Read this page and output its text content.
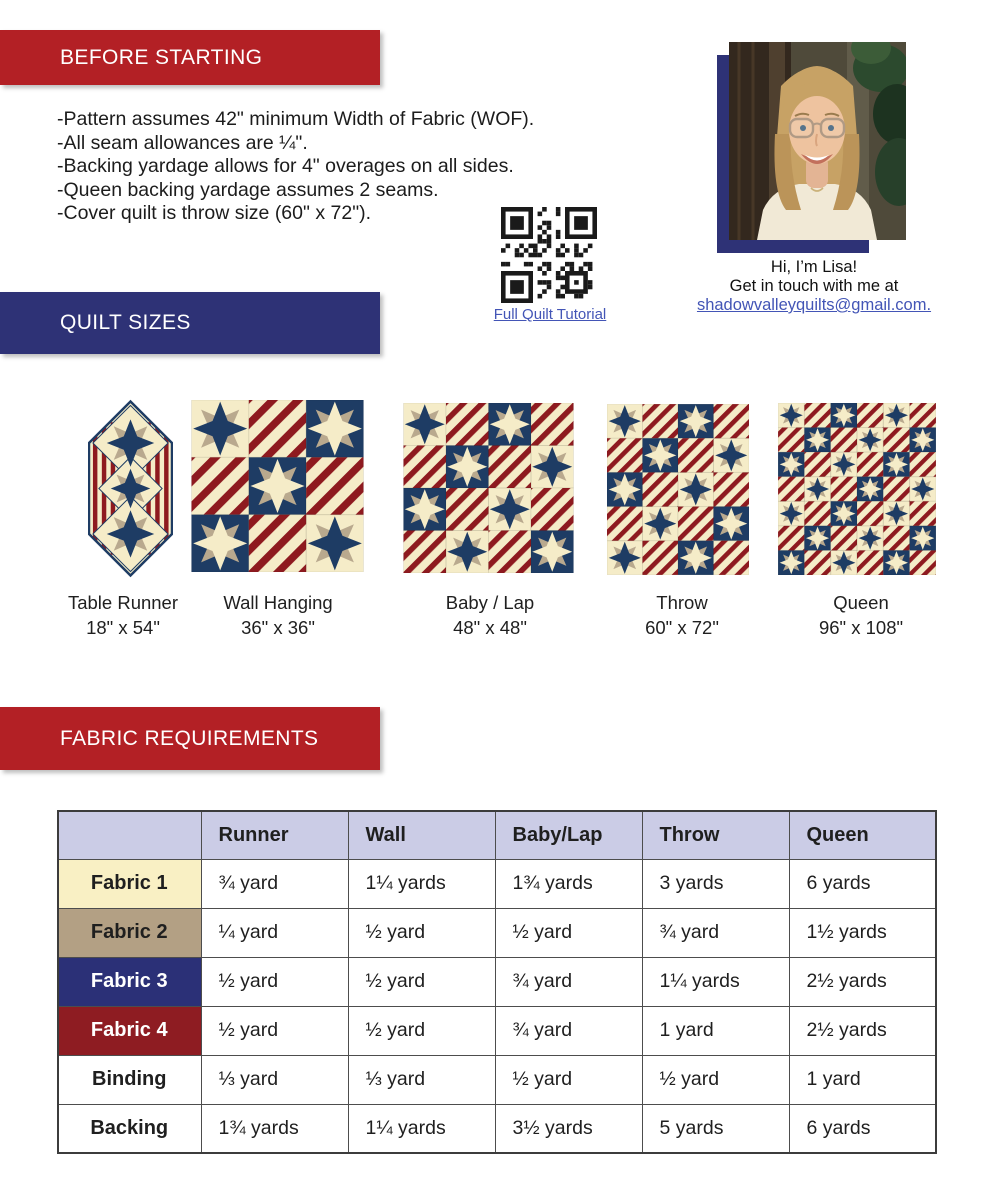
BEFORE STARTING
-Pattern assumes 42" minimum Width of Fabric (WOF).
-All seam allowances are ¼".
-Backing yardage allows for 4" overages on all sides.
-Queen backing yardage assumes 2 seams.
-Cover quilt is throw size (60" x 72").
Full Quilt Tutorial
Hi, I’m Lisa!
Get in touch with me at
shadowvalleyquilts@gmail.com.
QUILT SIZES
Table Runner
18" x 54"
Wall Hanging
36" x 36"
Baby / Lap
48" x 48"
Throw
60" x 72"
Queen
96" x 108"
FABRIC REQUIREMENTS
	Runner	Wall	Baby/Lap	Throw	Queen
Fabric 1	¾ yard	1¼ yards	1¾ yards	3 yards	6 yards
Fabric 2	¼ yard	½ yard	½ yard	¾ yard	1½ yards
Fabric 3	½ yard	½ yard	¾ yard	1¼ yards	2½ yards
Fabric 4	½ yard	½ yard	¾ yard	1 yard	2½ yards
Binding	⅓ yard	⅓ yard	½ yard	½ yard	1 yard
Backing	1¾ yards	1¼ yards	3½ yards	5 yards	6 yards
